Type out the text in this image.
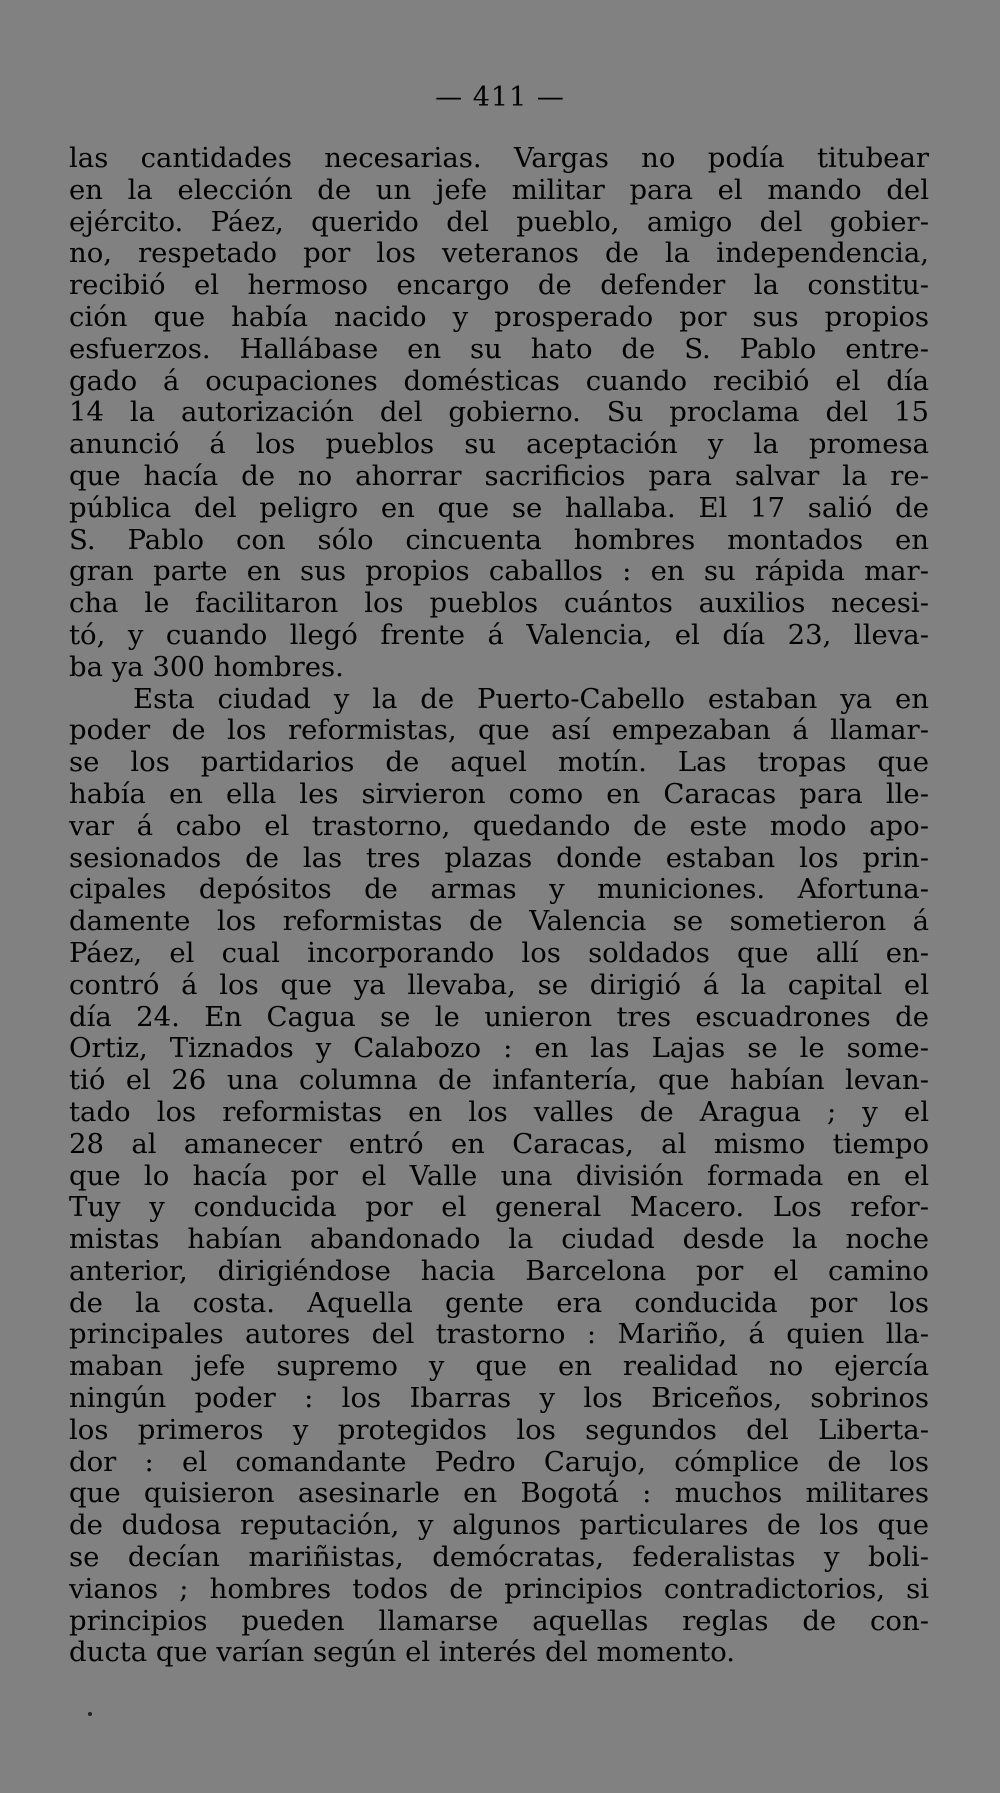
— 411 —
las cantidades necesarias. Vargas no podía titubear
en la elección de un jefe militar para el mando del
ejército. Páez, querido del pueblo, amigo del gobier-
no, respetado por los veteranos de la independencia,
recibió el hermoso encargo de defender la constitu-
ción que había nacido y prosperado por sus propios
esfuerzos. Hallábase en su hato de S. Pablo entre-
gado á ocupaciones domésticas cuando recibió el día
14 la autorización del gobierno. Su proclama del 15
anunció á los pueblos su aceptación y la promesa
que hacía de no ahorrar sacrificios para salvar la re-
pública del peligro en que se hallaba. El 17 salió de
S. Pablo con sólo cincuenta hombres montados en
gran parte en sus propios caballos : en su rápida mar-
cha le facilitaron los pueblos cuántos auxilios necesi-
tó, y cuando llegó frente á Valencia, el día 23, lleva-
ba ya 300 hombres.
Esta ciudad y la de Puerto-Cabello estaban ya en
poder de los reformistas, que así empezaban á llamar-
se los partidarios de aquel motín. Las tropas que
había en ella les sirvieron como en Caracas para lle-
var á cabo el trastorno, quedando de este modo apo-
sesionados de las tres plazas donde estaban los prin-
cipales depósitos de armas y municiones. Afortuna-
damente los reformistas de Valencia se sometieron á
Páez, el cual incorporando los soldados que allí en-
contró á los que ya llevaba, se dirigió á la capital el
día 24. En Cagua se le unieron tres escuadrones de
Ortiz, Tiznados y Calabozo : en las Lajas se le some-
tió el 26 una columna de infantería, que habían levan-
tado los reformistas en los valles de Aragua ; y el
28 al amanecer entró en Caracas, al mismo tiempo
que lo hacía por el Valle una división formada en el
Tuy y conducida por el general Macero. Los refor-
mistas habían abandonado la ciudad desde la noche
anterior, dirigiéndose hacia Barcelona por el camino
de la costa. Aquella gente era conducida por los
principales autores del trastorno : Mariño, á quien lla-
maban jefe supremo y que en realidad no ejercía
ningún poder : los Ibarras y los Briceños, sobrinos
los primeros y protegidos los segundos del Liberta-
dor : el comandante Pedro Carujo, cómplice de los
que quisieron asesinarle en Bogotá : muchos militares
de dudosa reputación, y algunos particulares de los que
se decían mariñistas, demócratas, federalistas y boli-
vianos ; hombres todos de principios contradictorios, si
principios pueden llamarse aquellas reglas de con-
ducta que varían según el interés del momento.
